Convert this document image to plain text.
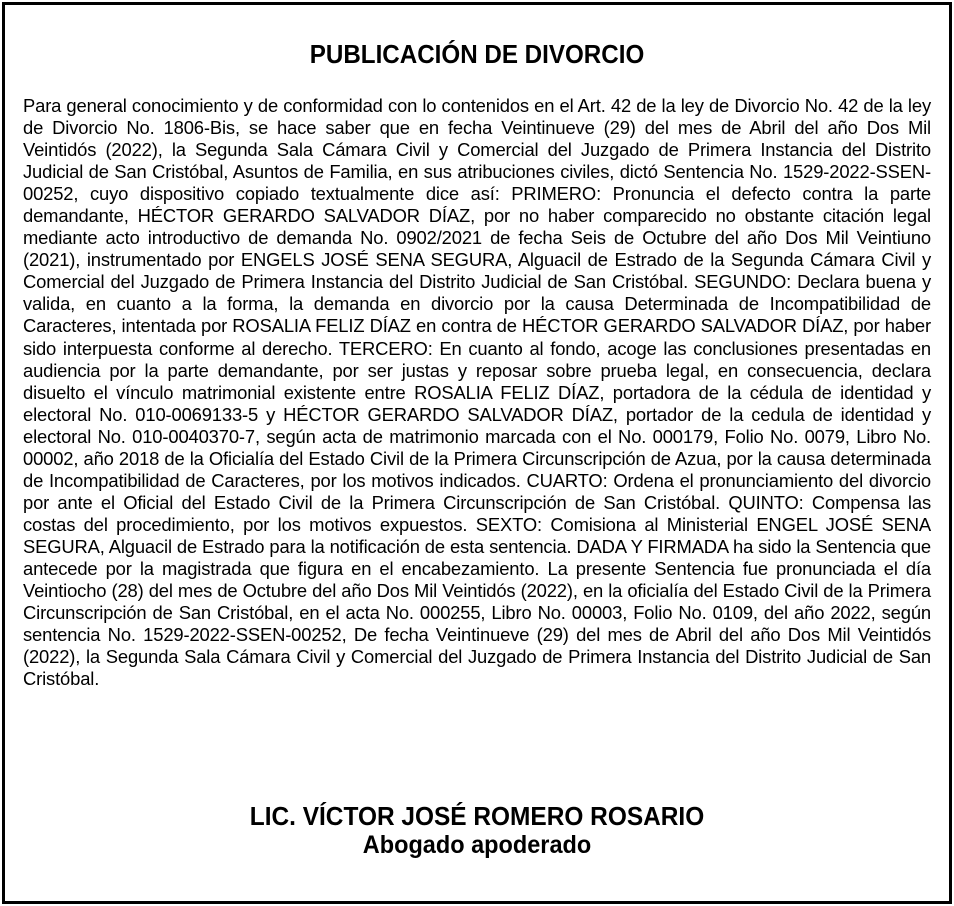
PUBLICACIÓN DE DIVORCIO

Para general conocimiento y de conformidad con lo contenidos en el Art. 42 de la ley de Divorcio No. 42 de la ley de Divorcio No. 1806-Bis, se hace saber que en fecha Veintinueve (29) del mes de Abril del año Dos Mil Veintidós (2022), la Segunda Sala Cámara Civil y Comercial del Juzgado de Primera Instancia del Distrito Judicial de San Cristóbal, Asuntos de Familia, en sus atribuciones civiles, dictó Sentencia No. 1529-2022-SSEN-00252, cuyo dispositivo copiado textualmente dice así: PRIMERO: Pronuncia el defecto contra la parte demandante, HÉCTOR GERARDO SALVADOR DÍAZ, por no haber comparecido no obstante citación legal mediante acto introductivo de demanda No. 0902/2021 de fecha Seis de Octubre del año Dos Mil Veintiuno (2021), instrumentado por ENGELS JOSÉ SENA SEGURA, Alguacil de Estrado de la Segunda Cámara Civil y Comercial del Juzgado de Primera Instancia del Distrito Judicial de San Cristóbal. SEGUNDO: Declara buena y valida, en cuanto a la forma, la demanda en divorcio por la causa Determinada de Incompatibilidad de Caracteres, intentada por ROSALIA FELIZ DÍAZ en contra de HÉCTOR GERARDO SALVADOR DÍAZ, por haber sido interpuesta conforme al derecho. TERCERO: En cuanto al fondo, acoge las conclusiones presentadas en audiencia por la parte demandante, por ser justas y reposar sobre prueba legal, en consecuencia, declara disuelto el vínculo matrimonial existente entre ROSALIA FELIZ DÍAZ, portadora de la cédula de identidad y electoral No. 010-0069133-5 y HÉCTOR GERARDO SALVADOR DÍAZ, portador de la cedula de identidad y electoral No. 010-0040370-7, según acta de matrimonio marcada con el No. 000179, Folio No. 0079, Libro No. 00002, año 2018 de la Oficialía del Estado Civil de la Primera Circunscripción de Azua, por la causa determinada de Incompatibilidad de Caracteres, por los motivos indicados. CUARTO: Ordena el pronunciamiento del divorcio por ante el Oficial del Estado Civil de la Primera Circunscripción de San Cristóbal. QUINTO: Compensa las costas del procedimiento, por los motivos expuestos. SEXTO: Comisiona al Ministerial ENGEL JOSÉ SENA SEGURA, Alguacil de Estrado para la notificación de esta sentencia. DADA Y FIRMADA ha sido la Sentencia que antecede por la magistrada que figura en el encabezamiento. La presente Sentencia fue pronunciada el día Veintiocho (28) del mes de Octubre del año Dos Mil Veintidós (2022), en la oficialía del Estado Civil de la Primera Circunscripción de San Cristóbal, en el acta No. 000255, Libro No. 00003, Folio No. 0109, del año 2022, según sentencia No. 1529-2022-SSEN-00252, De fecha Veintinueve (29) del mes de Abril del año Dos Mil Veintidós (2022), la Segunda Sala Cámara Civil y Comercial del Juzgado de Primera Instancia del Distrito Judicial de San Cristóbal.

LIC. VÍCTOR JOSÉ ROMERO ROSARIO
Abogado apoderado
